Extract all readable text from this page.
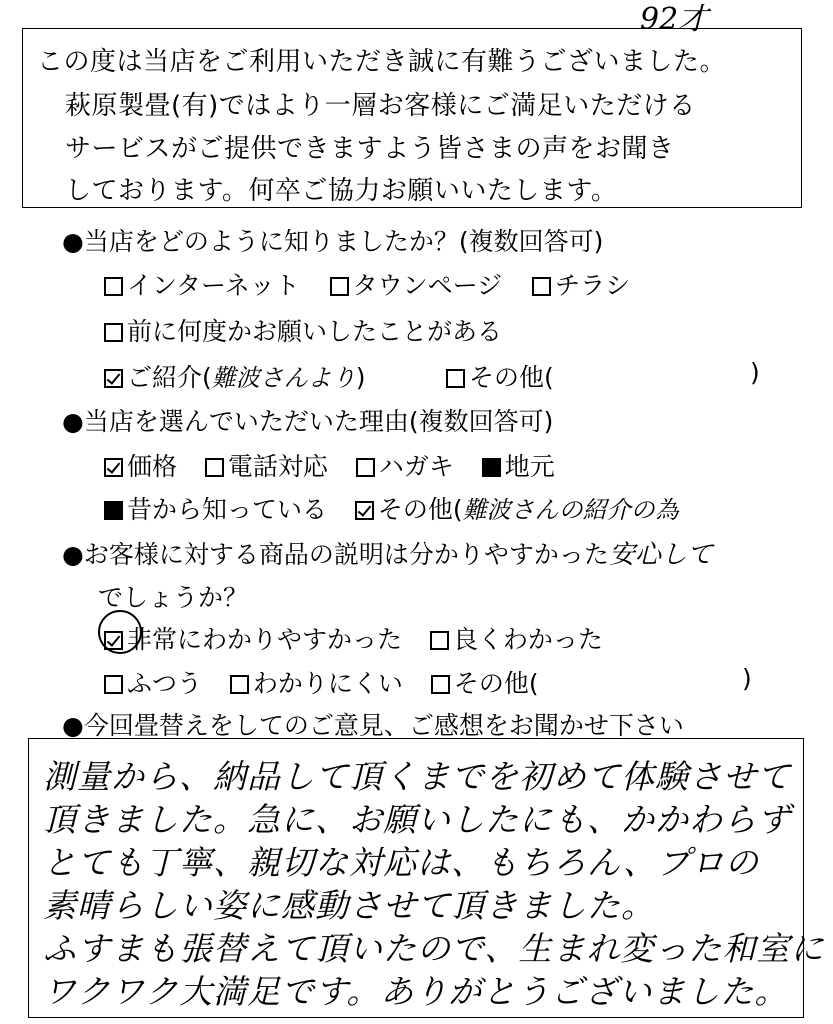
92才
この度は当店をご利用いただき誠に有難うございました。
萩原製畳(有)ではより一層お客様にご満足いただける
サービスがご提供できますよう皆さまの声をお聞き
しております。何卒ご協力お願いいたします。
●当店をどのように知りましたか？(複数回答可)
インターネット タウンページ チラシ
前に何度かお願いしたことがある
ご紹介(難波さんより)	その他(	)
●当店を選んでいただいた理由(複数回答可)
価格 電話対応 ハガキ 地元
昔から知っている その他(難波さんの紹介の為
●お客様に対する商品の説明は分かりやすかった安心して
でしょうか？
非常にわかりやすかった 良くわかった
ふつう わかりにくい その他(	)
●今回畳替えをしてのご意見、ご感想をお聞かせ下さい
測量から、納品して頂くまでを初めて体験させて
頂きました。急に、お願いしたにも、かかわらず
とても丁寧、親切な対応は、もちろん、プロの
素晴らしい姿に感動させて頂きました。
ふすまも張替えて頂いたので、生まれ変った和室に
ワクワク大満足です。ありがとうございました。
